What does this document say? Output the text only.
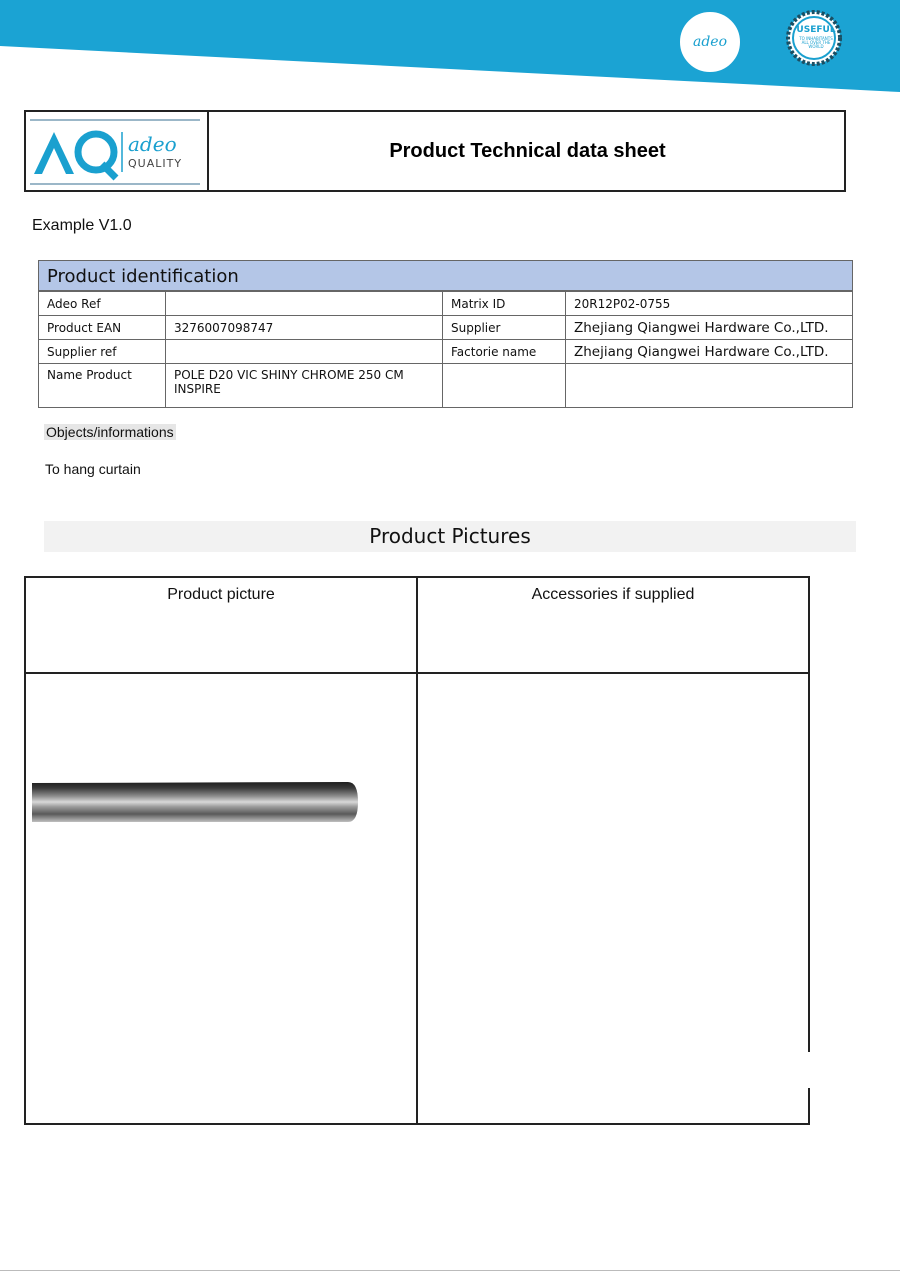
adeo
USEFUL
TO INHABITANTS ALL OVER THE WORLD
adeo
QUALITY
Product Technical data sheet
Example V1.0
Product identification
Adeo Ref		Matrix ID	20R12P02-0755
Product EAN	3276007098747	Supplier	Zhejiang Qiangwei Hardware Co.,LTD.
Supplier ref		Factorie name	Zhejiang Qiangwei Hardware Co.,LTD.
Name Product	POLE D20 VIC SHINY CHROME 250 CM INSPIRE		
Objects/informations
To hang curtain
Product Pictures
Product picture	Accessories if supplied
